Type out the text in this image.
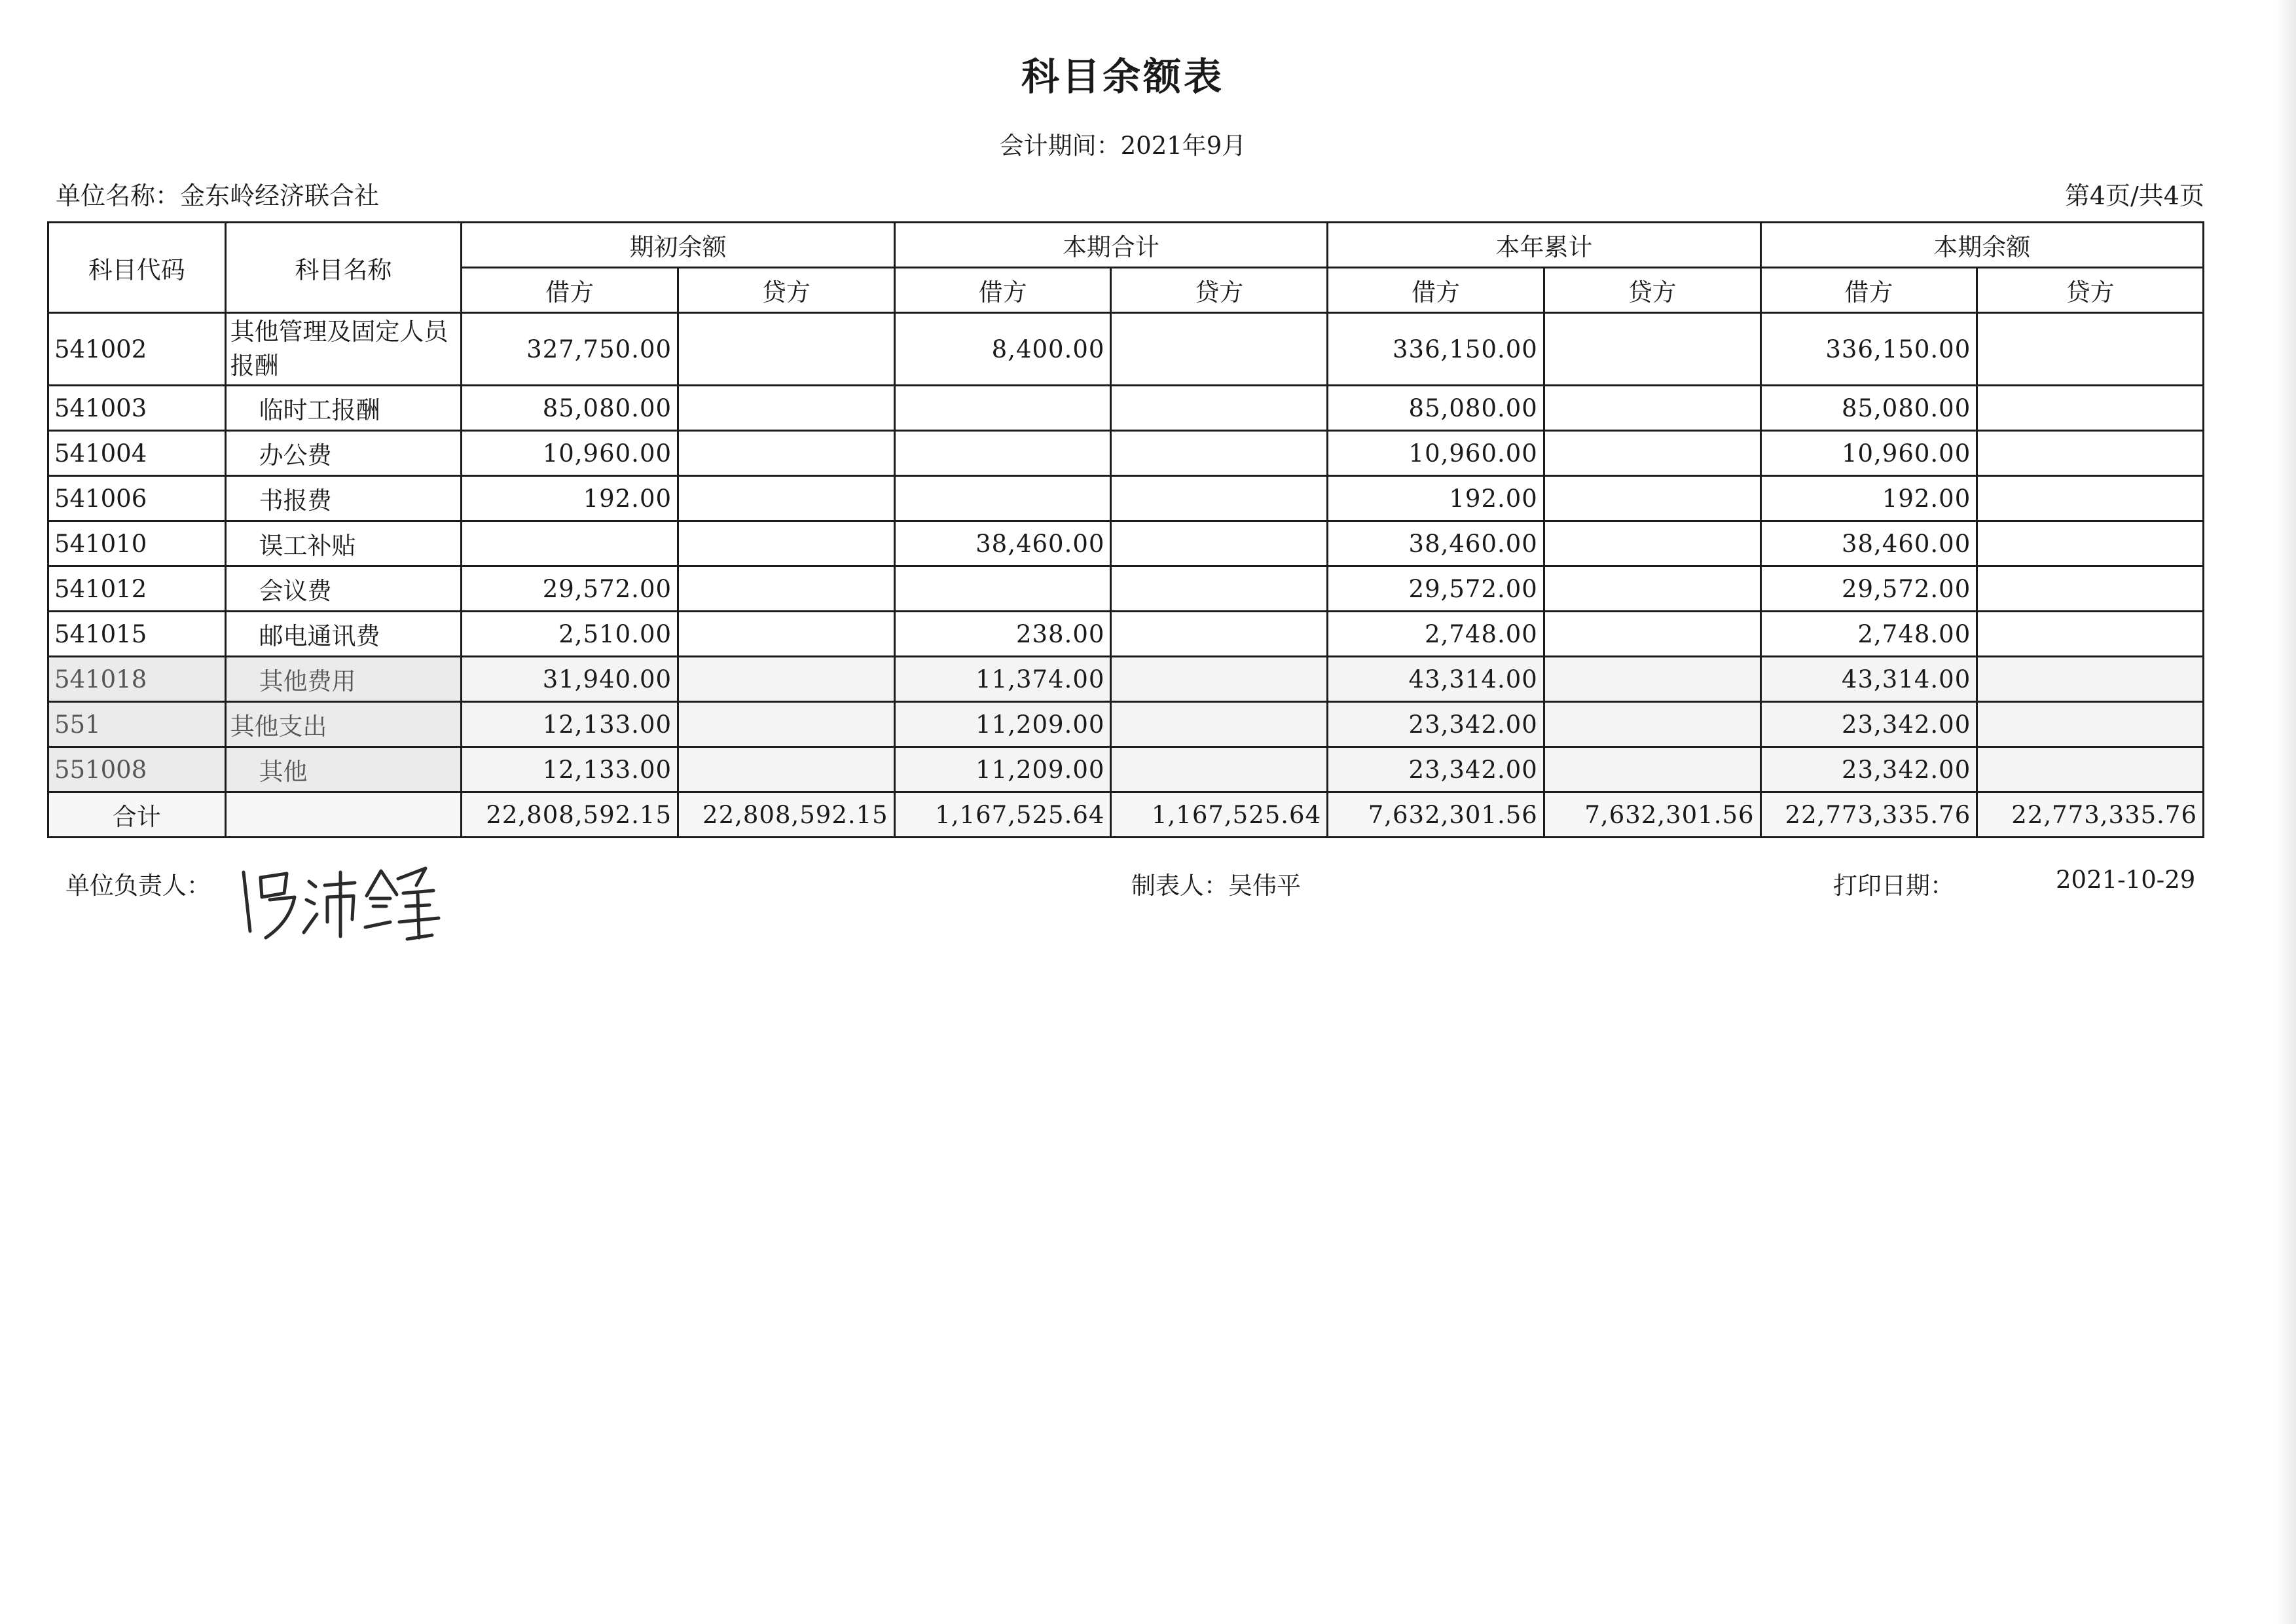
科目余额表
会计期间：2021年9月
单位名称：金东岭经济联合社	第4页/共4页
科目代码	科目名称	期初余额		本期合计		本年累计		本期余额	
		借方	贷方	借方	贷方	借方	贷方	借方	贷方
541002	其他管理及固定人员报酬	327,750.00		8,400.00		336,150.00		336,150.00	
541003	临时工报酬	85,080.00				85,080.00		85,080.00	
541004	办公费	10,960.00				10,960.00		10,960.00	
541006	书报费	192.00				192.00		192.00	
541010	误工补贴			38,460.00		38,460.00		38,460.00	
541012	会议费	29,572.00				29,572.00		29,572.00	
541015	邮电通讯费	2,510.00		238.00		2,748.00		2,748.00	
541018	其他费用	31,940.00		11,374.00		43,314.00		43,314.00	
551	其他支出	12,133.00		11,209.00		23,342.00		23,342.00	
551008	其他	12,133.00		11,209.00		23,342.00		23,342.00	
合计		22,808,592.15	22,808,592.15	1,167,525.64	1,167,525.64	7,632,301.56	7,632,301.56	22,773,335.76	22,773,335.76
单位负责人：	制表人：吴伟平	打印日期：	2021-10-29
